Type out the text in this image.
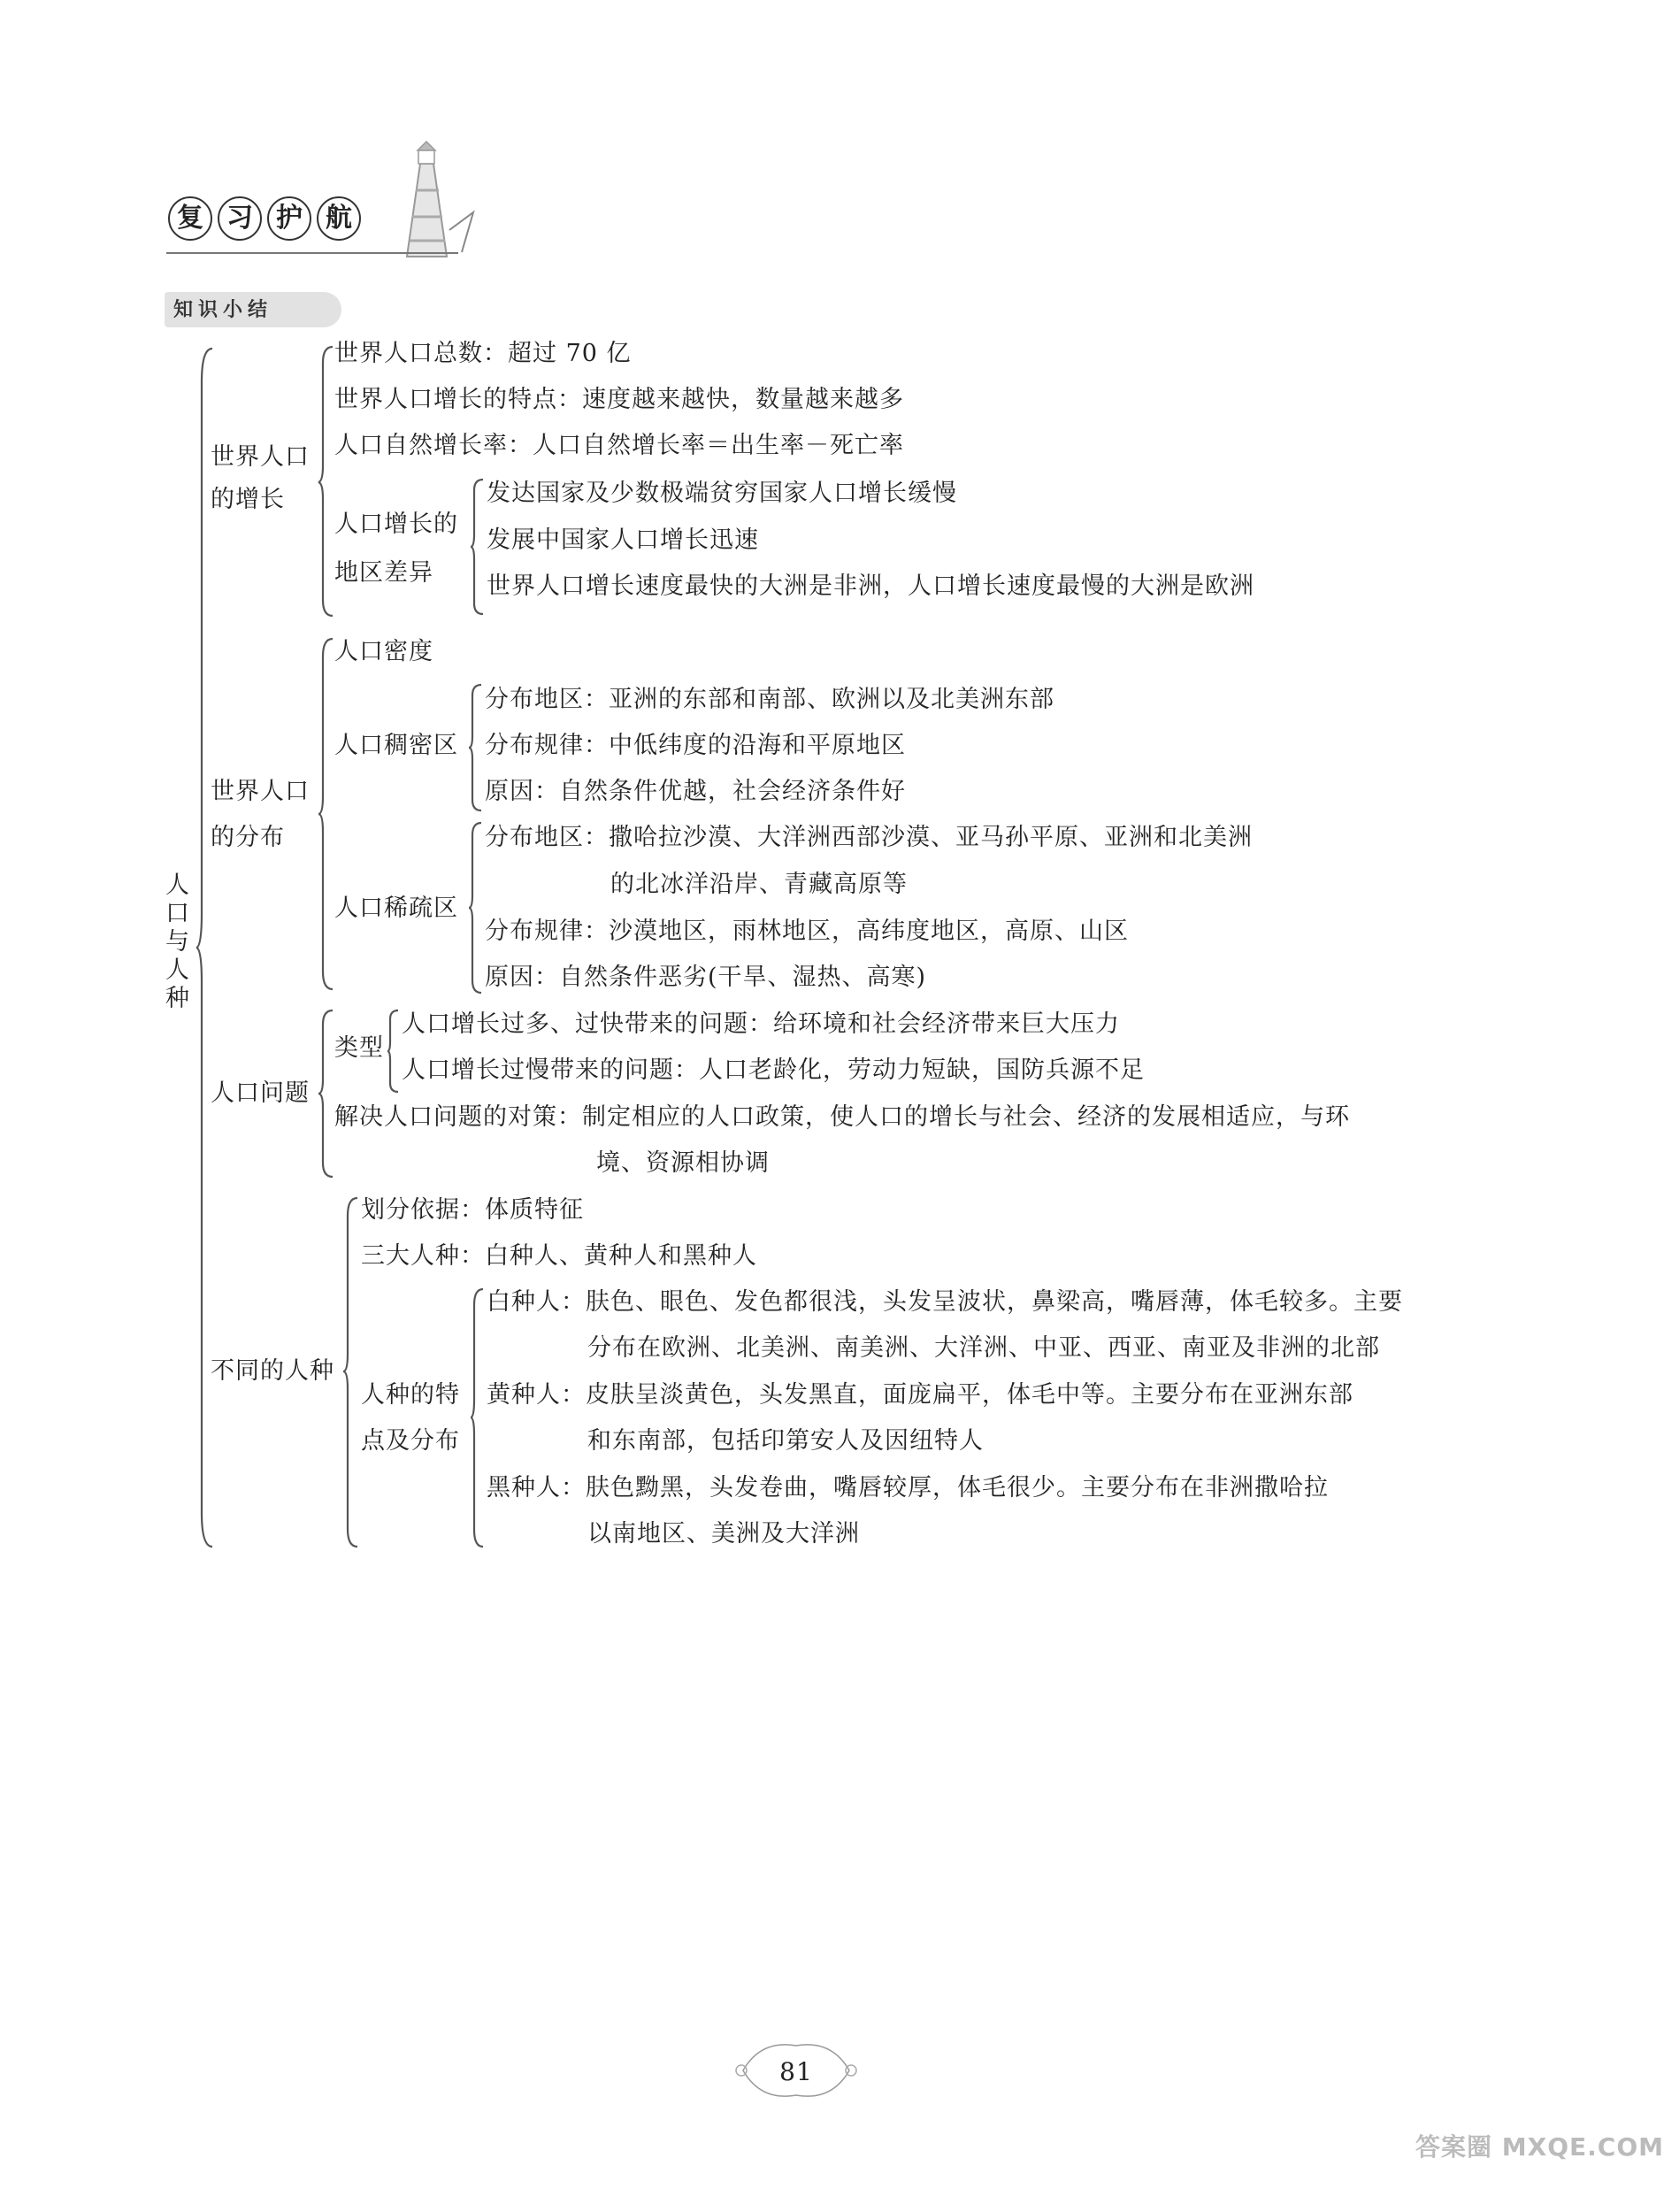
复 习 护 航
知识小结
人口与人种
世界人口
的增长
世界人口总数：超过 70 亿
世界人口增长的特点：速度越来越快，数量越来越多
人口自然增长率：人口自然增长率＝出生率－死亡率
人口增长的
地区差异
发达国家及少数极端贫穷国家人口增长缓慢
发展中国家人口增长迅速
世界人口增长速度最快的大洲是非洲，人口增长速度最慢的大洲是欧洲
世界人口
的分布
人口密度
人口稠密区
分布地区：亚洲的东部和南部、欧洲以及北美洲东部
分布规律：中低纬度的沿海和平原地区
原因：自然条件优越，社会经济条件好
人口稀疏区
分布地区：撒哈拉沙漠、大洋洲西部沙漠、亚马孙平原、亚洲和北美洲
的北冰洋沿岸、青藏高原等
分布规律：沙漠地区，雨林地区，高纬度地区，高原、山区
原因：自然条件恶劣(干旱、湿热、高寒)
人口问题
类型
人口增长过多、过快带来的问题：给环境和社会经济带来巨大压力
人口增长过慢带来的问题：人口老龄化，劳动力短缺，国防兵源不足
解决人口问题的对策：制定相应的人口政策，使人口的增长与社会、经济的发展相适应，与环
境、资源相协调
不同的人种
划分依据：体质特征
三大人种：白种人、黄种人和黑种人
人种的特
点及分布
白种人：肤色、眼色、发色都很浅，头发呈波状，鼻梁高，嘴唇薄，体毛较多。主要
分布在欧洲、北美洲、南美洲、大洋洲、中亚、西亚、南亚及非洲的北部
黄种人：皮肤呈淡黄色，头发黑直，面庞扁平，体毛中等。主要分布在亚洲东部
和东南部，包括印第安人及因纽特人
黑种人：肤色黝黑，头发卷曲，嘴唇较厚，体毛很少。主要分布在非洲撒哈拉
以南地区、美洲及大洋洲
81
答案圈 MXQE.COM
